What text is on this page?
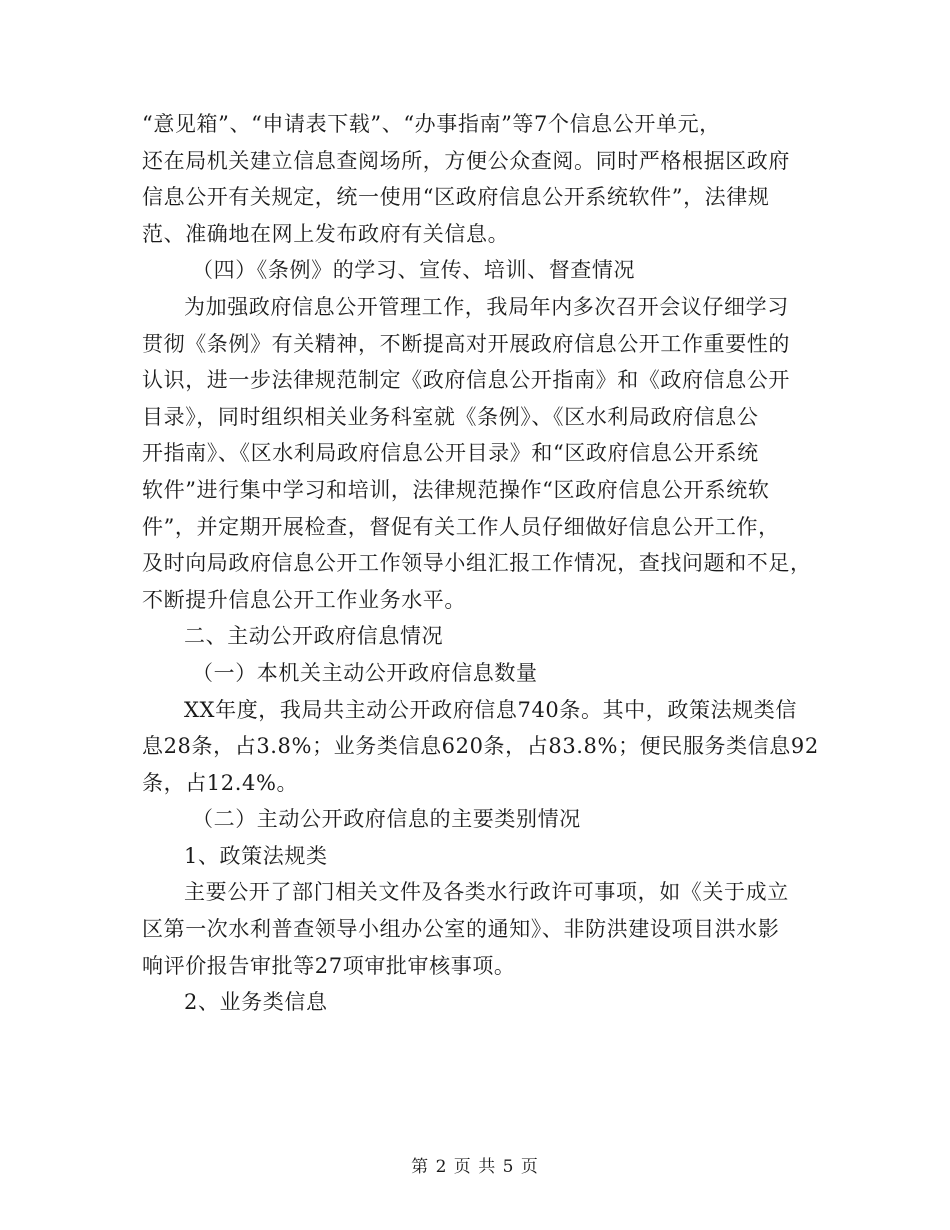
“意见箱”、“申请表下载”、“办事指南”等7个信息公开单元，
还在局机关建立信息查阅场所，方便公众查阅。同时严格根据区政府
信息公开有关规定，统一使用“区政府信息公开系统软件”，法律规
范、准确地在网上发布政府有关信息。
（四）《条例》的学习、宣传、培训、督查情况
为加强政府信息公开管理工作，我局年内多次召开会议仔细学习
贯彻《条例》有关精神，不断提高对开展政府信息公开工作重要性的
认识，进一步法律规范制定《政府信息公开指南》和《政府信息公开
目录》，同时组织相关业务科室就《条例》、《区水利局政府信息公
开指南》、《区水利局政府信息公开目录》和“区政府信息公开系统
软件”进行集中学习和培训，法律规范操作“区政府信息公开系统软
件”，并定期开展检查，督促有关工作人员仔细做好信息公开工作，
及时向局政府信息公开工作领导小组汇报工作情况，查找问题和不足，
不断提升信息公开工作业务水平。
二、主动公开政府信息情况
（一）本机关主动公开政府信息数量
XX年度，我局共主动公开政府信息740条。其中，政策法规类信
息28条，占3.8%；业务类信息620条，占83.8%；便民服务类信息92
条，占12.4%。
（二）主动公开政府信息的主要类别情况
1、政策法规类
主要公开了部门相关文件及各类水行政许可事项，如《关于成立
区第一次水利普查领导小组办公室的通知》、非防洪建设项目洪水影
响评价报告审批等27项审批审核事项。
2、业务类信息

第 2 页 共 5 页
